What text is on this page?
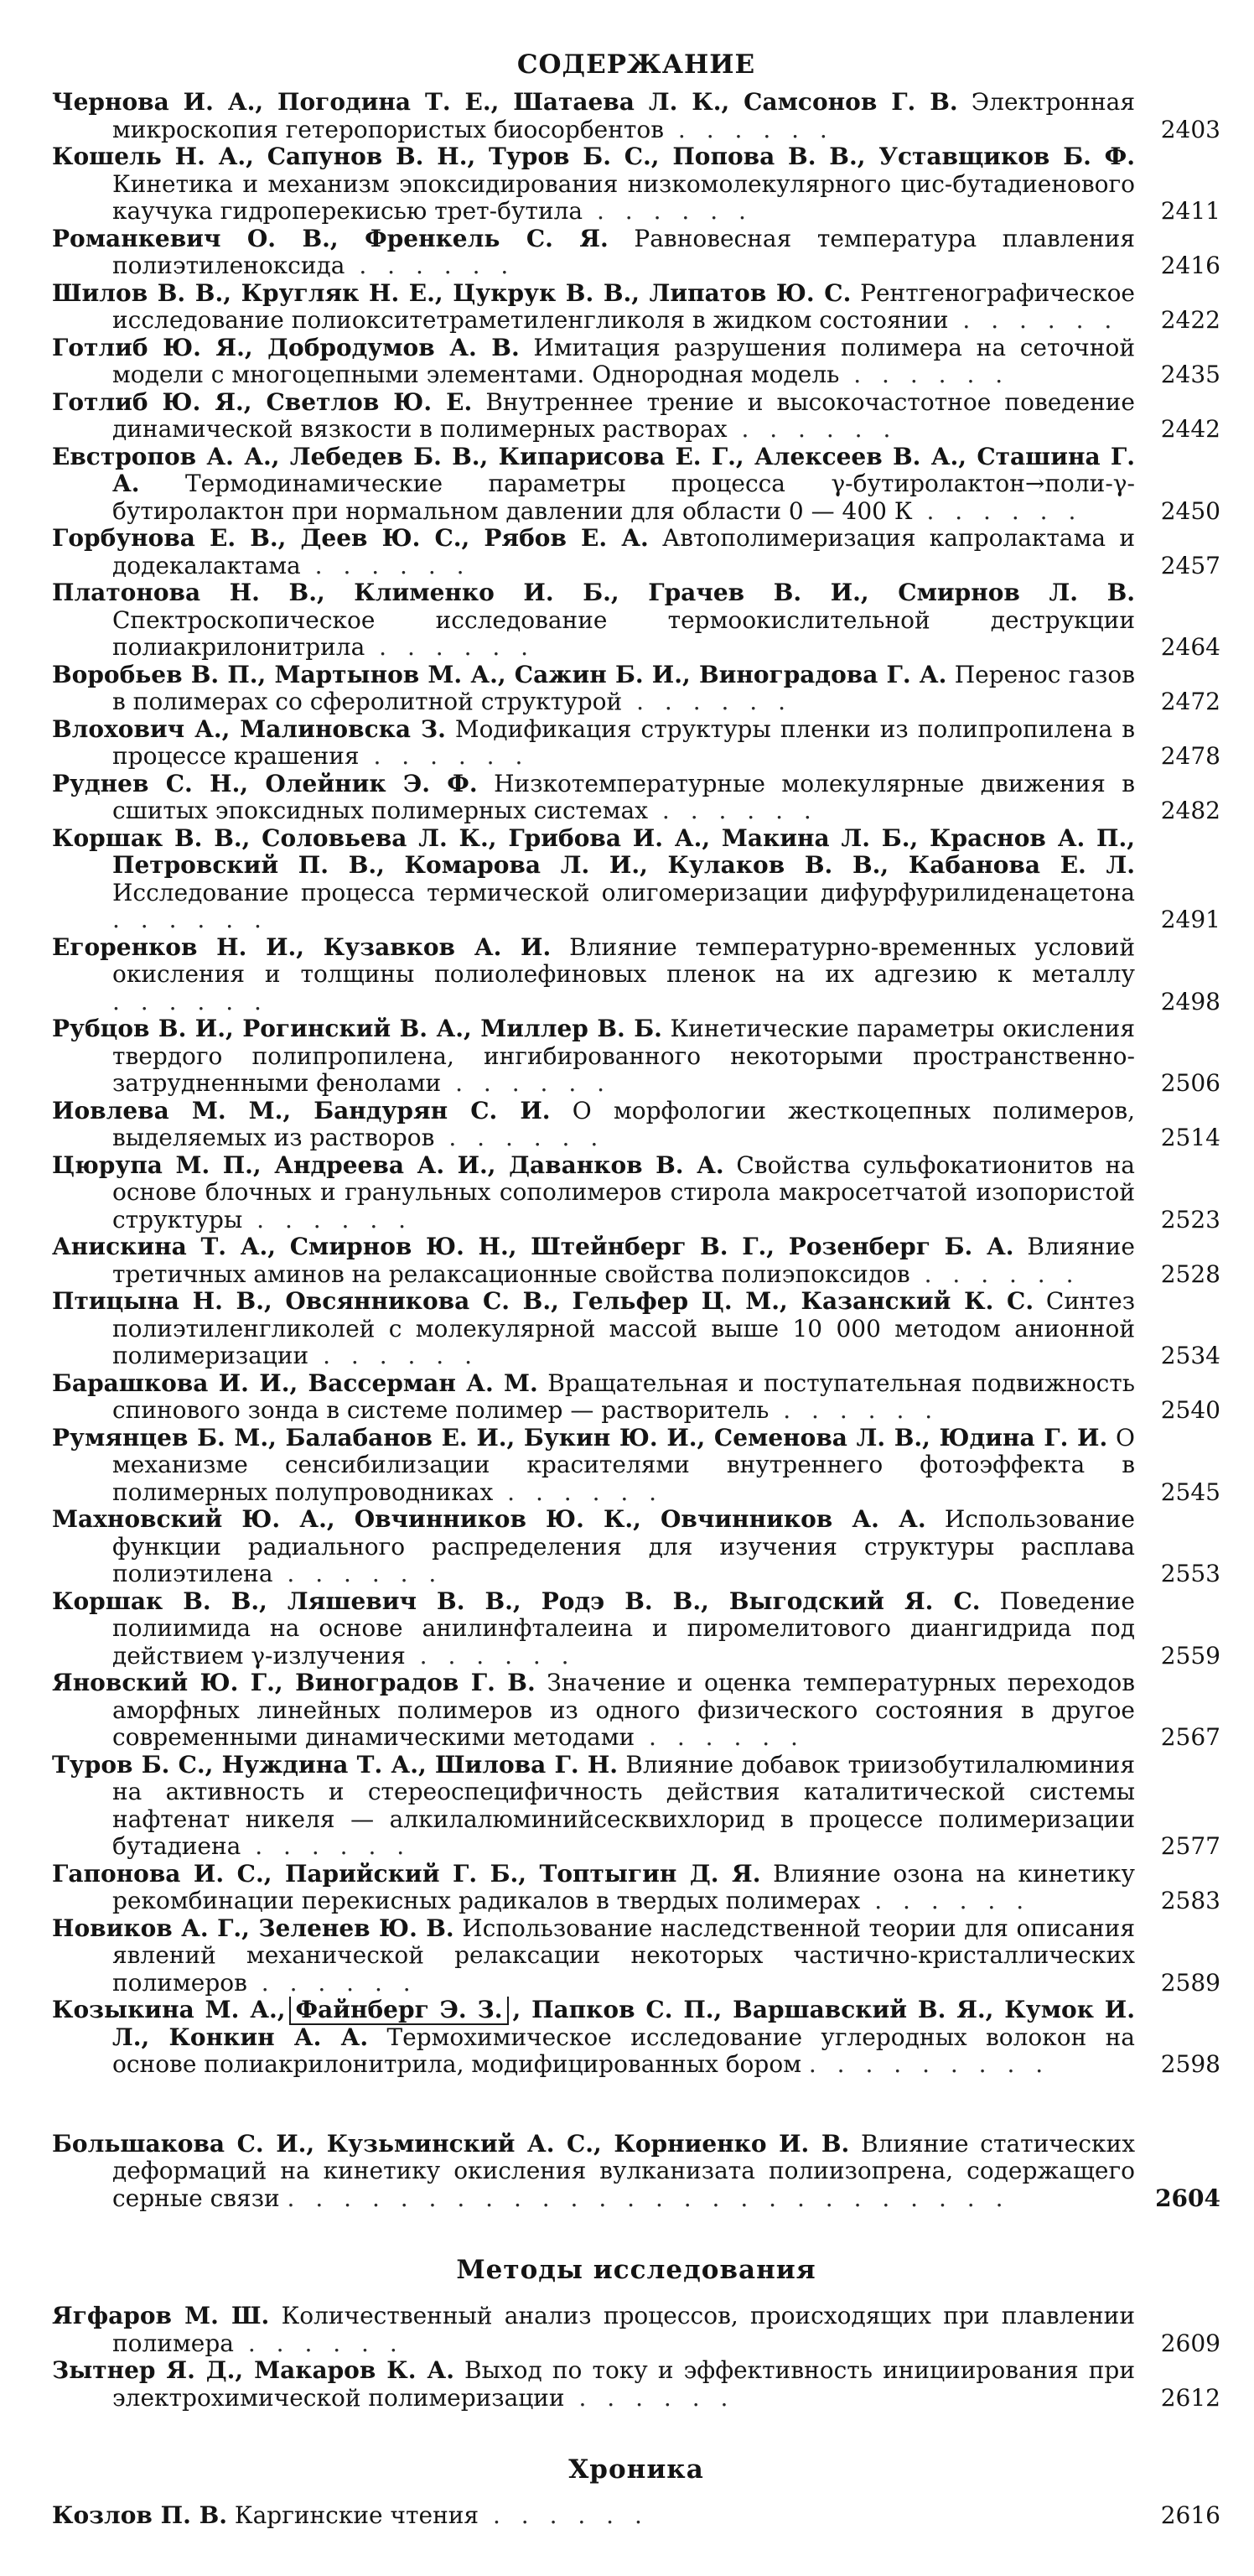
СОДЕРЖАНИЕ
Чернова И. А., Погодина Т. Е., Шатаева Л. К., Самсонов Г. В. Электронная микроскопия гетеропористых биосорбентов . . . . . .	2403
Кошель Н. А., Сапунов В. Н., Туров Б. С., Попова В. В., Уставщиков Б. Ф. Кинетика и механизм эпоксидирования низкомолекулярного цис-бутадиенового каучука гидроперекисью трет-бутила . . . . . .	2411
Романкевич О. В., Френкель С. Я. Равновесная температура плавления полиэтиленоксида . . . . . .	2416
Шилов В. В., Кругляк Н. Е., Цукрук В. В., Липатов Ю. С. Рентгенографическое исследование полиокситетраметиленгликоля в жидком состоянии . . . . . .	2422
Готлиб Ю. Я., Добродумов А. В. Имитация разрушения полимера на сеточной модели с многоцепными элементами. Однородная модель . . . . . .	2435
Готлиб Ю. Я., Светлов Ю. Е. Внутреннее трение и высокочастотное поведение динамической вязкости в полимерных растворах . . . . . .	2442
Евстропов А. А., Лебедев Б. В., Кипарисова Е. Г., Алексеев В. А., Сташина Г. А. Термодинамические параметры процесса γ-бутиролактон→поли-γ-бутиролактон при нормальном давлении для области 0 — 400 К . . . . . .	2450
Горбунова Е. В., Деев Ю. С., Рябов Е. А. Автополимеризация капролактама и додекалактама . . . . . .	2457
Платонова Н. В., Клименко И. Б., Грачев В. И., Смирнов Л. В. Спектроскопическое исследование термоокислительной деструкции полиакрилонитрила . . . . . .	2464
Воробьев В. П., Мартынов М. А., Сажин Б. И., Виноградова Г. А. Перенос газов в полимерах со сферолитной структурой . . . . . .	2472
Влохович А., Малиновска З. Модификация структуры пленки из полипропилена в процессе крашения . . . . . .	2478
Руднев С. Н., Олейник Э. Ф. Низкотемпературные молекулярные движения в сшитых эпоксидных полимерных системах . . . . . .	2482
Коршак В. В., Соловьева Л. К., Грибова И. А., Макина Л. Б., Краснов А. П., Петровский П. В., Комарова Л. И., Кулаков В. В., Кабанова Е. Л. Исследование процесса термической олигомеризации дифурфурилиденацетона . . . . . .	2491
Егоренков Н. И., Кузавков А. И. Влияние температурно-временных условий окисления и толщины полиолефиновых пленок на их адгезию к металлу . . . . . .	2498
Рубцов В. И., Рогинский В. А., Миллер В. Б. Кинетические параметры окисления твердого полипропилена, ингибированного некоторыми пространственно-затрудненными фенолами . . . . . .	2506
Иовлева М. М., Бандурян С. И. О морфологии жесткоцепных полимеров, выделяемых из растворов . . . . . .	2514
Цюрупа М. П., Андреева А. И., Даванков В. А. Свойства сульфокатионитов на основе блочных и гранульных сополимеров стирола макросетчатой изопористой структуры . . . . . .	2523
Анискина Т. А., Смирнов Ю. Н., Штейнберг В. Г., Розенберг Б. А. Влияние третичных аминов на релаксационные свойства полиэпоксидов . . . . . .	2528
Птицына Н. В., Овсянникова С. В., Гельфер Ц. М., Казанский К. С. Синтез полиэтиленгликолей с молекулярной массой выше 10 000 методом анионной полимеризации . . . . . .	2534
Барашкова И. И., Вассерман А. М. Вращательная и поступательная подвижность спинового зонда в системе полимер — растворитель . . . . . .	2540
Румянцев Б. М., Балабанов Е. И., Букин Ю. И., Семенова Л. В., Юдина Г. И. О механизме сенсибилизации красителями внутреннего фотоэффекта в полимерных полупроводниках . . . . . .	2545
Махновский Ю. А., Овчинников Ю. К., Овчинников А. А. Использование функции радиального распределения для изучения структуры расплава полиэтилена . . . . . .	2553
Коршак В. В., Ляшевич В. В., Родэ В. В., Выгодский Я. С. Поведение полиимида на основе анилинфталеина и пиромелитового диангидрида под действием γ-излучения . . . . . .	2559
Яновский Ю. Г., Виноградов Г. В. Значение и оценка температурных переходов аморфных линейных полимеров из одного физического состояния в другое современными динамическими методами . . . . . .	2567
Туров Б. С., Нуждина Т. А., Шилова Г. Н. Влияние добавок триизобутилалюминия на активность и стереоспецифичность действия каталитической системы нафтенат никеля — алкилалюминийсесквихлорид в процессе полимеризации бутадиена . . . . . .	2577
Гапонова И. С., Парийский Г. Б., Топтыгин Д. Я. Влияние озона на кинетику рекомбинации перекисных радикалов в твердых полимерах . . . . . .	2583
Новиков А. Г., Зеленев Ю. В. Использование наследственной теории для описания явлений механической релаксации некоторых частично-кристаллических полимеров . . . . . .	2589
Козыкина М. А., Файнберг Э. З. , Папков С. П., Варшавский В. Я., Кумок И. Л., Конкин А. А. Термохимическое исследование углеродных волокон на основе полиакрилонитрила, модифицированных бором . . . . . . . . .	2598
Большакова С. И., Кузьминский А. С., Корниенко И. В. Влияние статических деформаций на кинетику окисления вулканизата полиизопрена, содержащего серные связи . . . . . . . . . . . . . . . . . . . . . . . . . .	2604
Методы исследования
Ягфаров М. Ш. Количественный анализ процессов, происходящих при плавлении полимера . . . . . .	2609
Зытнер Я. Д., Макаров К. А. Выход по току и эффективность инициирования при электрохимической полимеризации . . . . . .	2612
Хроника
Козлов П. В. Каргинские чтения . . . . . .	2616
